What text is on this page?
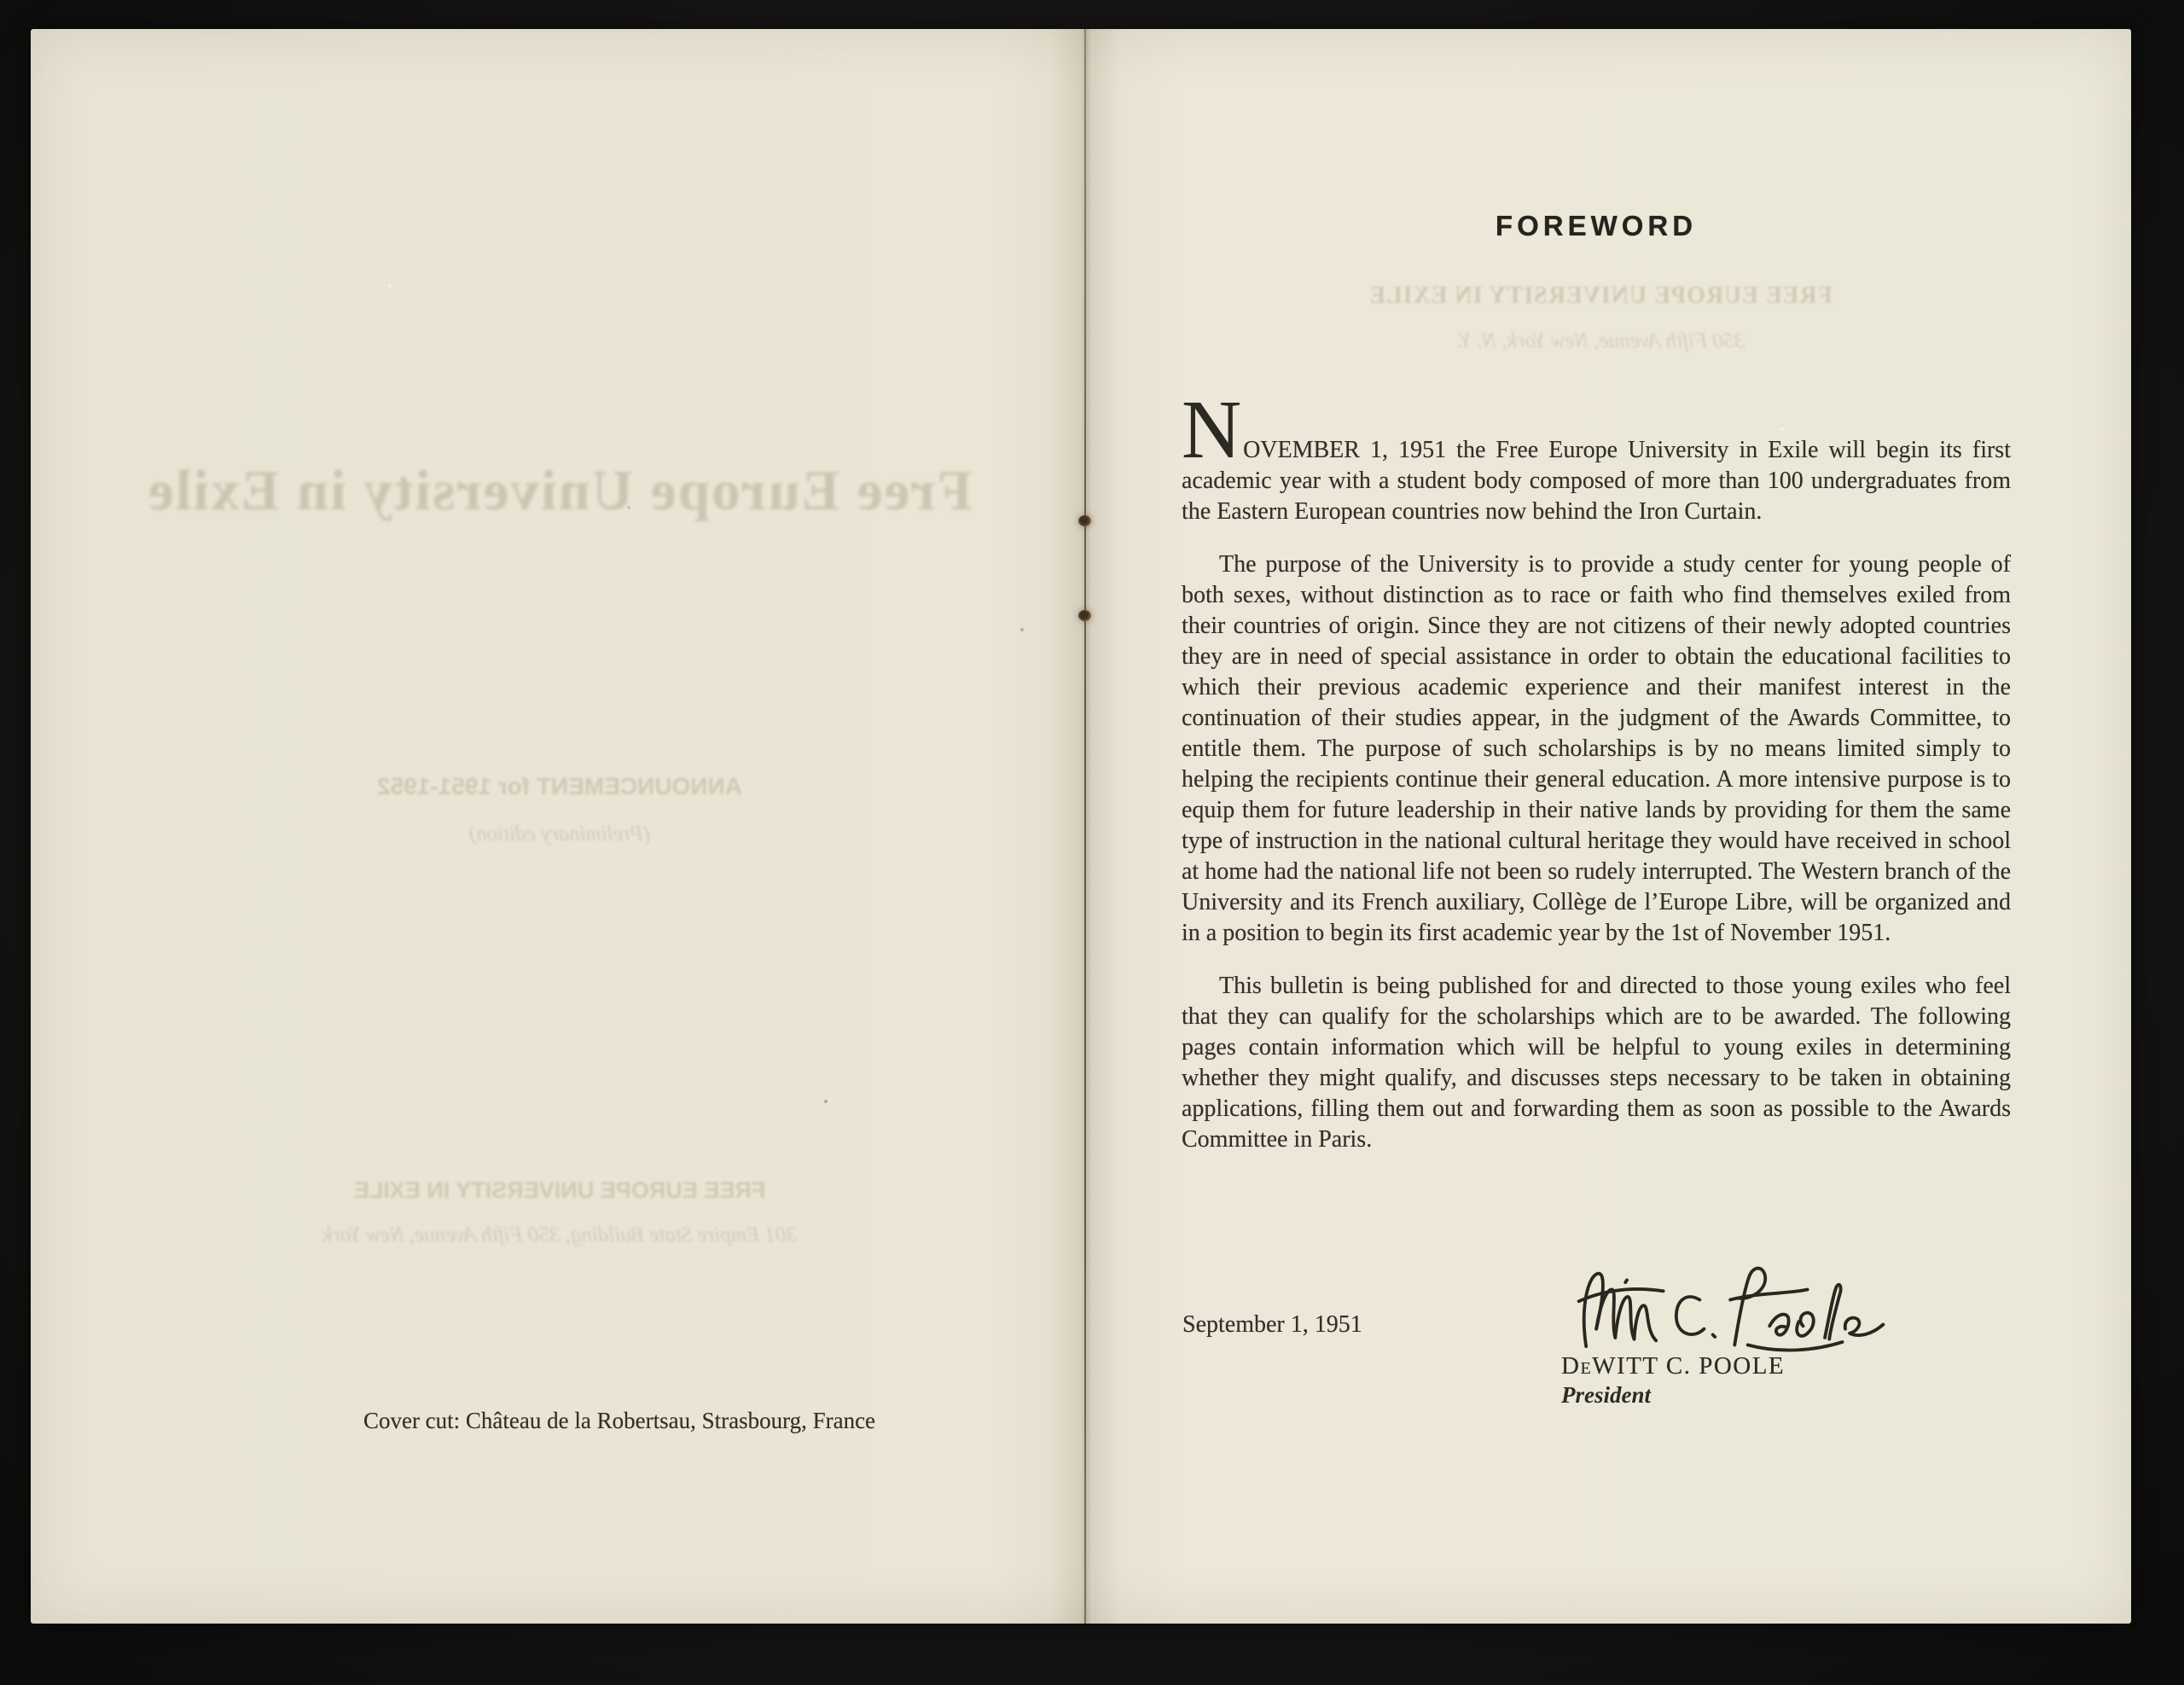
Free Europe University in Exile
ANNOUNCEMENT for 1951-1952
(Preliminary edition)
FREE EUROPE UNIVERSITY IN EXILE
301 Empire State Building, 350 Fifth Avenue, New York
Cover cut: Château de la Robertsau, Strasbourg, France
FOREWORD
FREE EUROPE UNIVERSITY IN EXILE
350 Fifth Avenue, New York, N. Y.

NOVEMBER 1, 1951 the Free Europe University in Exile will begin its first academic year with a student body composed of more than 100 undergraduates from the Eastern European countries now behind the Iron Curtain.

The purpose of the University is to provide a study center for young people of both sexes, without distinction as to race or faith who find themselves exiled from their countries of origin. Since they are not citizens of their newly adopted countries they are in need of special assistance in order to obtain the educational facilities to which their previous academic experience and their manifest interest in the continuation of their studies appear, in the judgment of the Awards Committee, to entitle them. The purpose of such scholarships is by no means limited simply to helping the recipients continue their general education. A more intensive purpose is to equip them for future leadership in their native lands by providing for them the same type of instruction in the national cultural heritage they would have received in school at home had the national life not been so rudely interrupted. The Western branch of the University and its French auxiliary, Collège de l’Europe Libre, will be organized and in a position to begin its first academic year by the 1st of November 1951.

This bulletin is being published for and directed to those young exiles who feel that they can qualify for the scholarships which are to be awarded. The following pages contain information which will be helpful to young exiles in determining whether they might qualify, and discusses steps necessary to be taken in obtaining applications, filling them out and forwarding them as soon as possible to the Awards Committee in Paris.

September 1, 1951
DeWITT C. POOLE
President
